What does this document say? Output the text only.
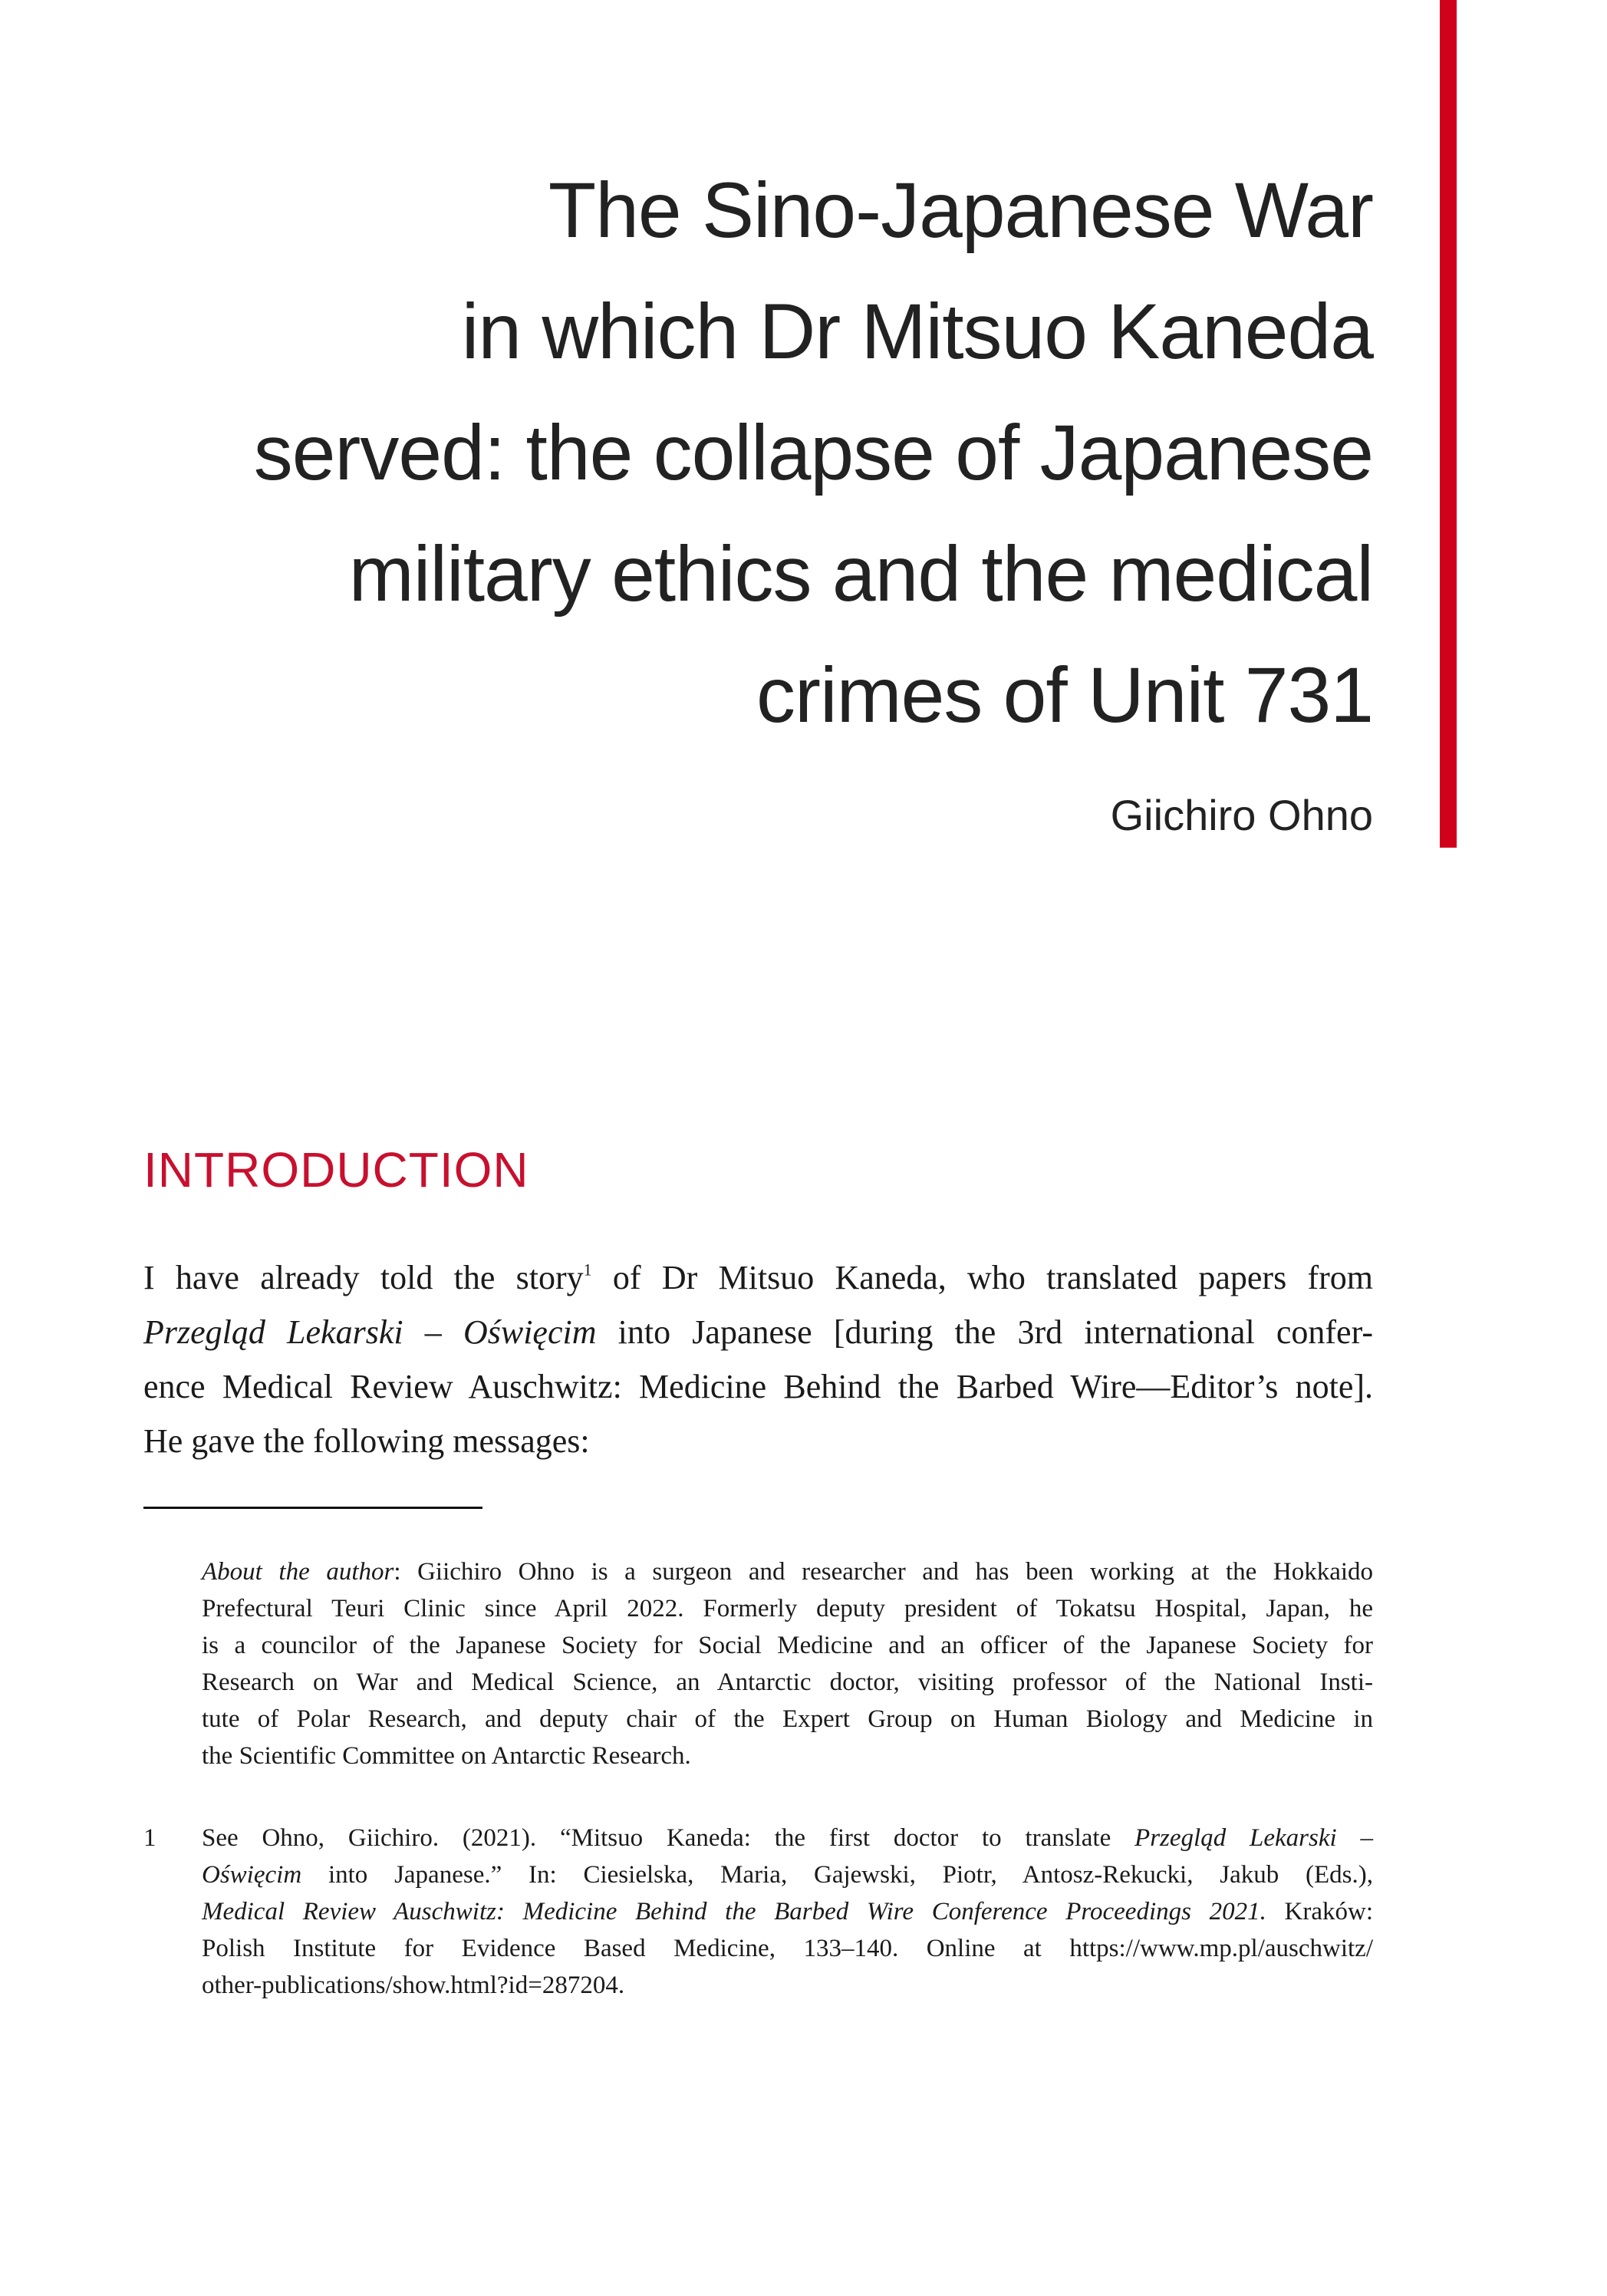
The Sino-Japanese War
in which Dr Mitsuo Kaneda
served: the collapse of Japanese
military ethics and the medical
crimes of Unit 731
Giichiro Ohno
INTRODUCTION
I have already told the story$^1$ of Dr Mitsuo Kaneda, who translated papers from
Przegląd Lekarski – Oświęcim into Japanese [during the 3rd international confer-
ence Medical Review Auschwitz: Medicine Behind the Barbed Wire—Editor’s note].
He gave the following messages:
About the author: Giichiro Ohno is a surgeon and researcher and has been working at the Hokkaido
Prefectural Teuri Clinic since April 2022. Formerly deputy president of Tokatsu Hospital, Japan, he
is a councilor of the Japanese Society for Social Medicine and an officer of the Japanese Society for
Research on War and Medical Science, an Antarctic doctor, visiting professor of the National Insti-
tute of Polar Research, and deputy chair of the Expert Group on Human Biology and Medicine in
the Scientific Committee on Antarctic Research.
1 See Ohno, Giichiro. (2021). “Mitsuo Kaneda: the first doctor to translate Przegląd Lekarski –
Oświęcim into Japanese.” In: Ciesielska, Maria, Gajewski, Piotr, Antosz-Rekucki, Jakub (Eds.),
Medical Review Auschwitz: Medicine Behind the Barbed Wire Conference Proceedings 2021. Kraków:
Polish Institute for Evidence Based Medicine, 133–140. Online at https://www.mp.pl/auschwitz/
other-publications/show.html?id=287204.
